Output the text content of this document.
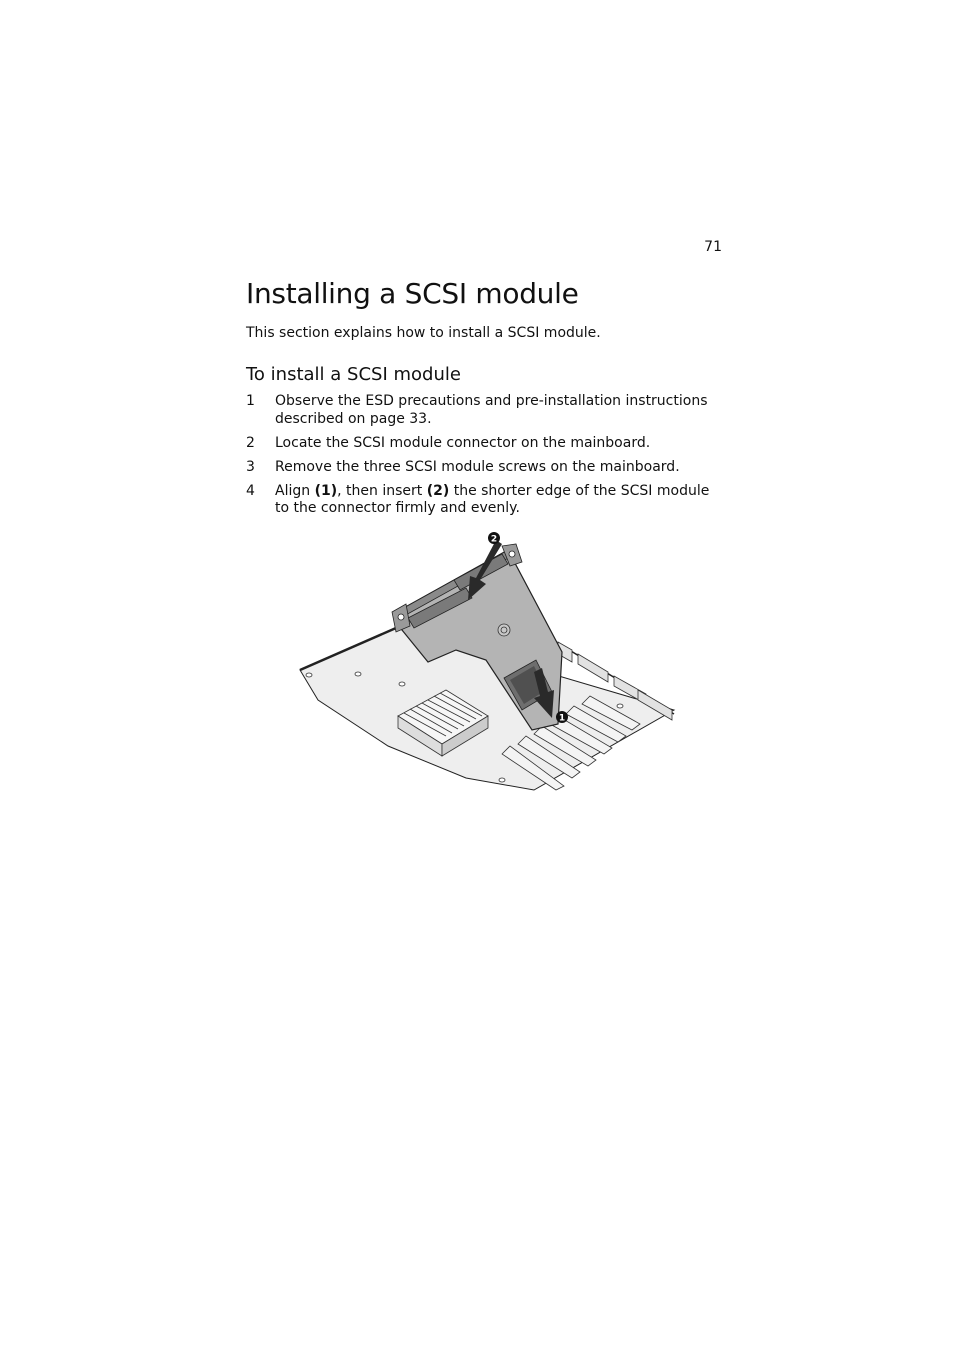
71
Installing a SCSI module

This section explains how to install a SCSI module.

To install a SCSI module
1	Observe the ESD precautions and pre-installation instructions described on page 33.
2	Locate the SCSI module connector on the mainboard.
3	Remove the three SCSI module screws on the mainboard.
4	Align (1), then insert (2) the shorter edge of the SCSI module to the connector firmly and evenly.
1
2
